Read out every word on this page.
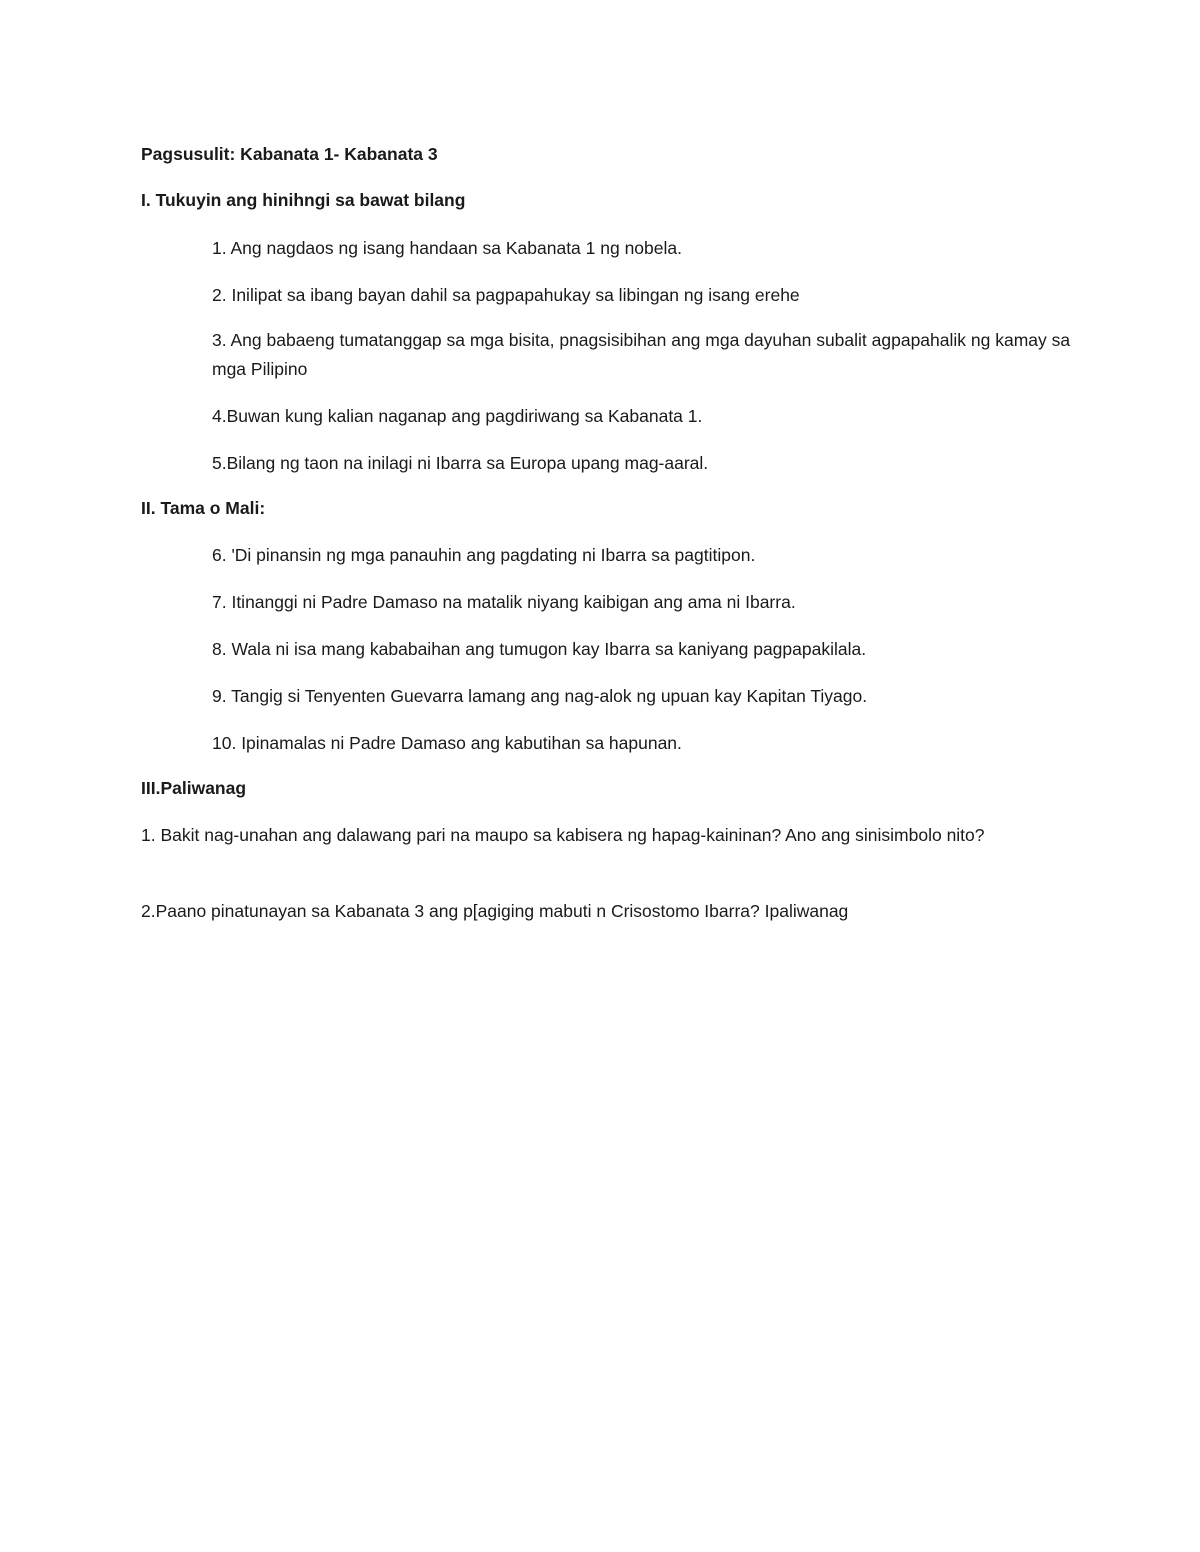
Pagsusulit: Kabanata 1- Kabanata 3
I. Tukuyin ang hinihngi sa bawat bilang
1. Ang nagdaos ng isang handaan sa Kabanata 1 ng nobela.
2. Inilipat sa ibang bayan dahil sa pagpapahukay sa libingan ng isang erehe
3. Ang babaeng tumatanggap sa mga bisita, pnagsisibihan ang mga dayuhan subalit agpapahalik ng kamay sa mga Pilipino
4.Buwan kung kalian naganap ang pagdiriwang sa Kabanata 1.
5.Bilang ng taon na inilagi ni Ibarra sa Europa upang mag-aaral.
II. Tama o Mali:
6. 'Di pinansin ng mga panauhin ang pagdating ni Ibarra sa pagtitipon.
7. Itinanggi ni Padre Damaso na matalik niyang kaibigan ang ama ni Ibarra.
8. Wala ni isa mang kababaihan ang tumugon kay Ibarra sa kaniyang pagpapakilala.
9. Tangig si Tenyenten Guevarra lamang ang nag-alok ng upuan kay Kapitan Tiyago.
10. Ipinamalas ni Padre Damaso ang kabutihan sa hapunan.
III.Paliwanag
1. Bakit nag-unahan ang dalawang pari na maupo sa kabisera ng hapag-kaininan? Ano ang sinisimbolo nito?
2.Paano pinatunayan sa Kabanata 3 ang p[agiging mabuti n Crisostomo Ibarra? Ipaliwanag
